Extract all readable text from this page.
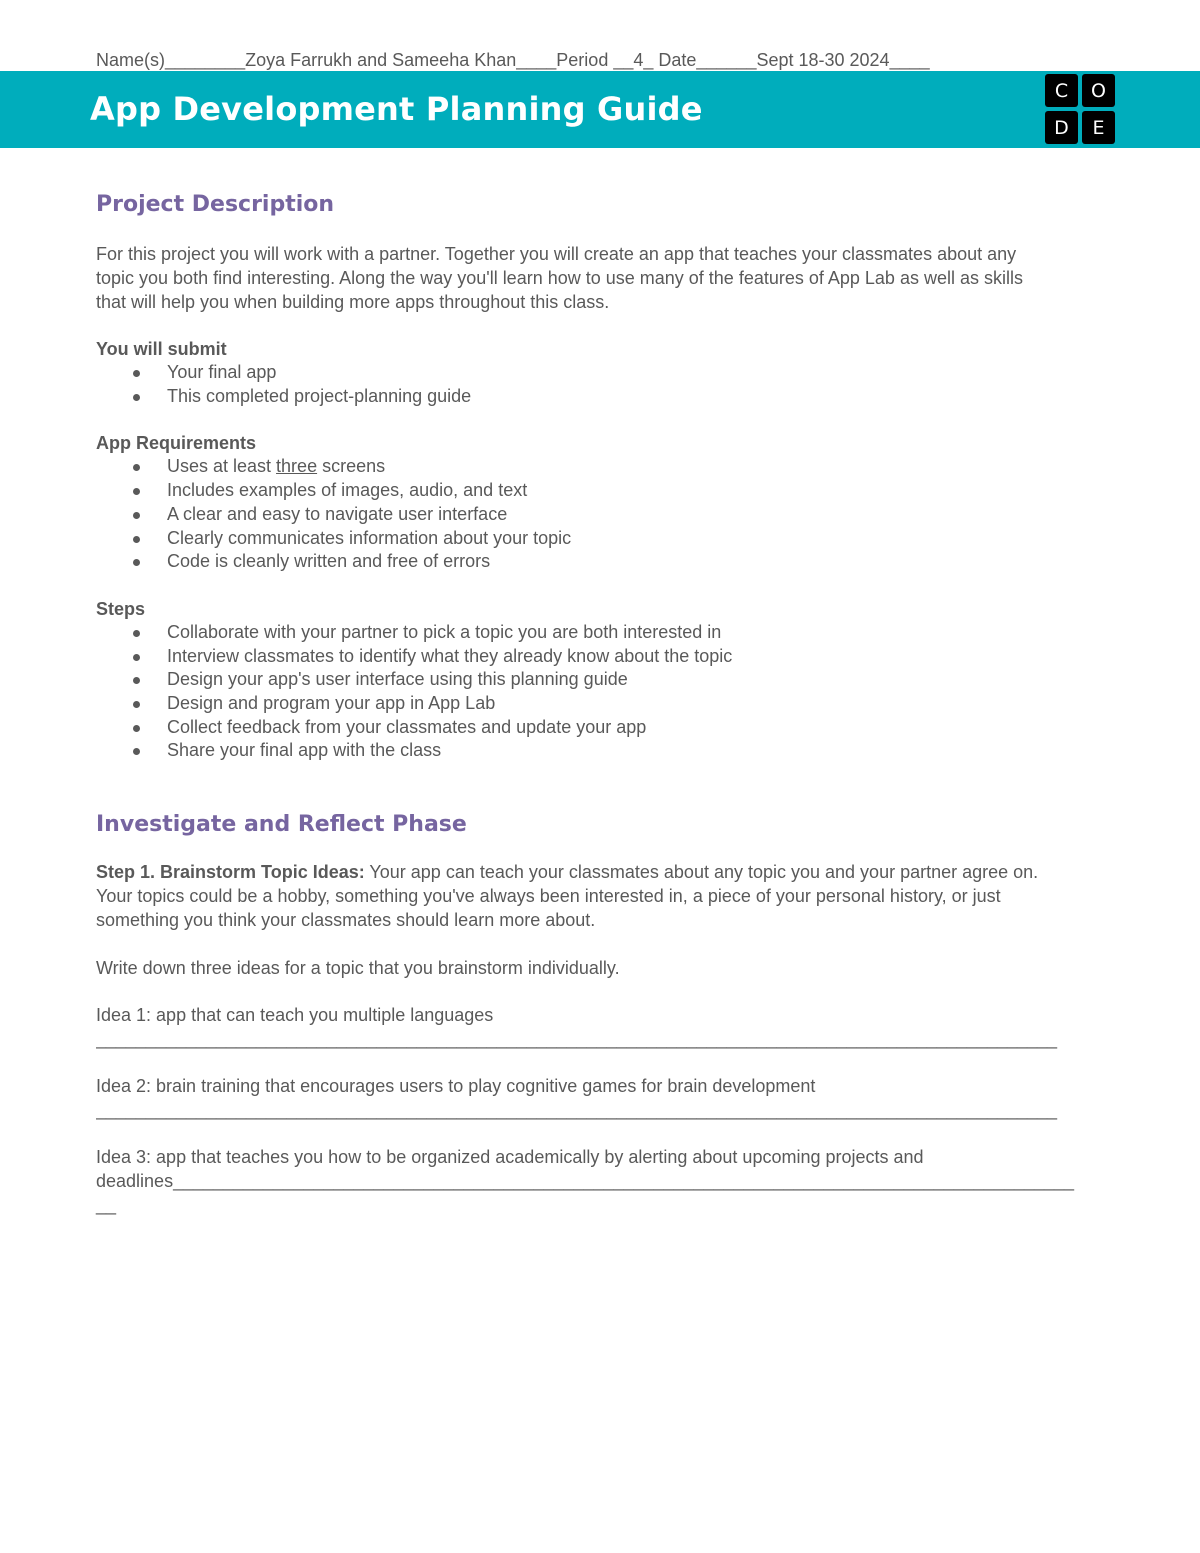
Name(s)________Zoya Farrukh and Sameeha Khan____Period __4_ Date______Sept 18-30 2024____
App Development Planning Guide	C	O
D	E
Project Description

For this project you will work with a partner. Together you will create an app that teaches your classmates about any

topic you both find interesting. Along the way you'll learn how to use many of the features of App Lab as well as skills

that will help you when building more apps throughout this class.

You will submit

Your final app
This completed project-planning guide

App Requirements

Uses at least three screens
Includes examples of images, audio, and text
A clear and easy to navigate user interface
Clearly communicates information about your topic
Code is cleanly written and free of errors

Steps

Collaborate with your partner to pick a topic you are both interested in
Interview classmates to identify what they already know about the topic
Design your app's user interface using this planning guide
Design and program your app in App Lab
Collect feedback from your classmates and update your app
Share your final app with the class
Investigate and Reflect Phase

Step 1. Brainstorm Topic Ideas: Your app can teach your classmates about any topic you and your partner agree on.

Your topics could be a hobby, something you've always been interested in, a piece of your personal history, or just

something you think your classmates should learn more about.

Write down three ideas for a topic that you brainstorm individually.

Idea 1: app that can teach you multiple languages

________________________________________________________________________________________________

Idea 2: brain training that encourages users to play cognitive games for brain development

________________________________________________________________________________________________

Idea 3: app that teaches you how to be organized academically by alerting about upcoming projects and

deadlines__________________________________________________________________________________________

__
